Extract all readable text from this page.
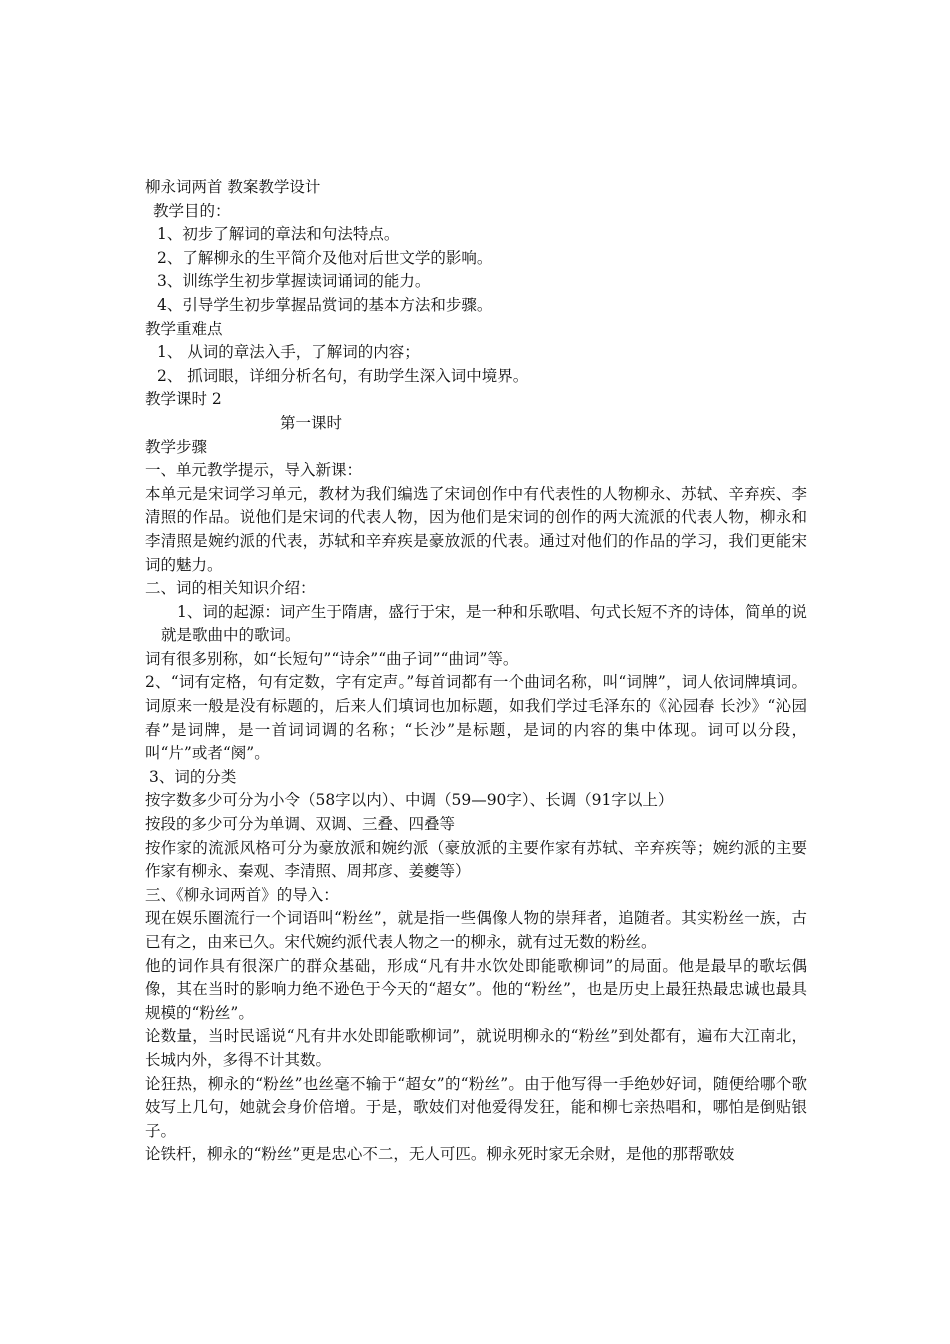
柳永词两首 教案教学设计

教学目的：

1、初步了解词的章法和句法特点。

2、了解柳永的生平简介及他对后世文学的影响。

3、训练学生初步掌握读词诵词的能力。

4、引导学生初步掌握品赏词的基本方法和步骤。

教学重难点

1、 从词的章法入手，了解词的内容；

2、 抓词眼，详细分析名句，有助学生深入词中境界。

教学课时 2

第一课时

教学步骤

一、单元教学提示，导入新课：

本单元是宋词学习单元，教材为我们编选了宋词创作中有代表性的人物柳永、苏轼、辛弃疾、李清照的作品。说他们是宋词的代表人物，因为他们是宋词的创作的两大流派的代表人物，柳永和李清照是婉约派的代表，苏轼和辛弃疾是豪放派的代表。通过对他们的作品的学习，我们更能宋词的魅力。

二、词的相关知识介绍：

1、词的起源：词产生于隋唐，盛行于宋，是一种和乐歌唱、句式长短不齐的诗体，简单的说就是歌曲中的歌词。

词有很多别称，如“长短句”“诗余”“曲子词”“曲词”等。

2、“词有定格，句有定数，字有定声。”每首词都有一个曲词名称，叫“词牌”，词人依词牌填词。词原来一般是没有标题的，后来人们填词也加标题，如我们学过毛泽东的《沁园春 长沙》“沁园春”是词牌，是一首词词调的名称；“长沙”是标题，是词的内容的集中体现。词可以分段，叫“片”或者“阕”。

3、词的分类

按字数多少可分为小令（58字以内）、中调（59—90字）、长调（91字以上）

按段的多少可分为单调、双调、三叠、四叠等

按作家的流派风格可分为豪放派和婉约派（豪放派的主要作家有苏轼、辛弃疾等；婉约派的主要作家有柳永、秦观、李清照、周邦彦、姜夔等）

三、《柳永词两首》的导入：

现在娱乐圈流行一个词语叫“粉丝”，就是指一些偶像人物的崇拜者，追随者。其实粉丝一族，古已有之，由来已久。宋代婉约派代表人物之一的柳永，就有过无数的粉丝。

他的词作具有很深广的群众基础，形成“凡有井水饮处即能歌柳词”的局面。他是最早的歌坛偶像，其在当时的影响力绝不逊色于今天的“超女”。他的“粉丝”，也是历史上最狂热最忠诚也最具规模的“粉丝”。

论数量，当时民谣说“凡有井水处即能歌柳词”，就说明柳永的“粉丝”到处都有，遍布大江南北，长城内外，多得不计其数。

论狂热，柳永的“粉丝”也丝毫不输于“超女”的“粉丝”。由于他写得一手绝妙好词，随便给哪个歌妓写上几句，她就会身价倍增。于是，歌妓们对他爱得发狂，能和柳七亲热唱和，哪怕是倒贴银子。

论铁杆，柳永的“粉丝”更是忠心不二，无人可匹。柳永死时家无余财，是他的那帮歌妓
